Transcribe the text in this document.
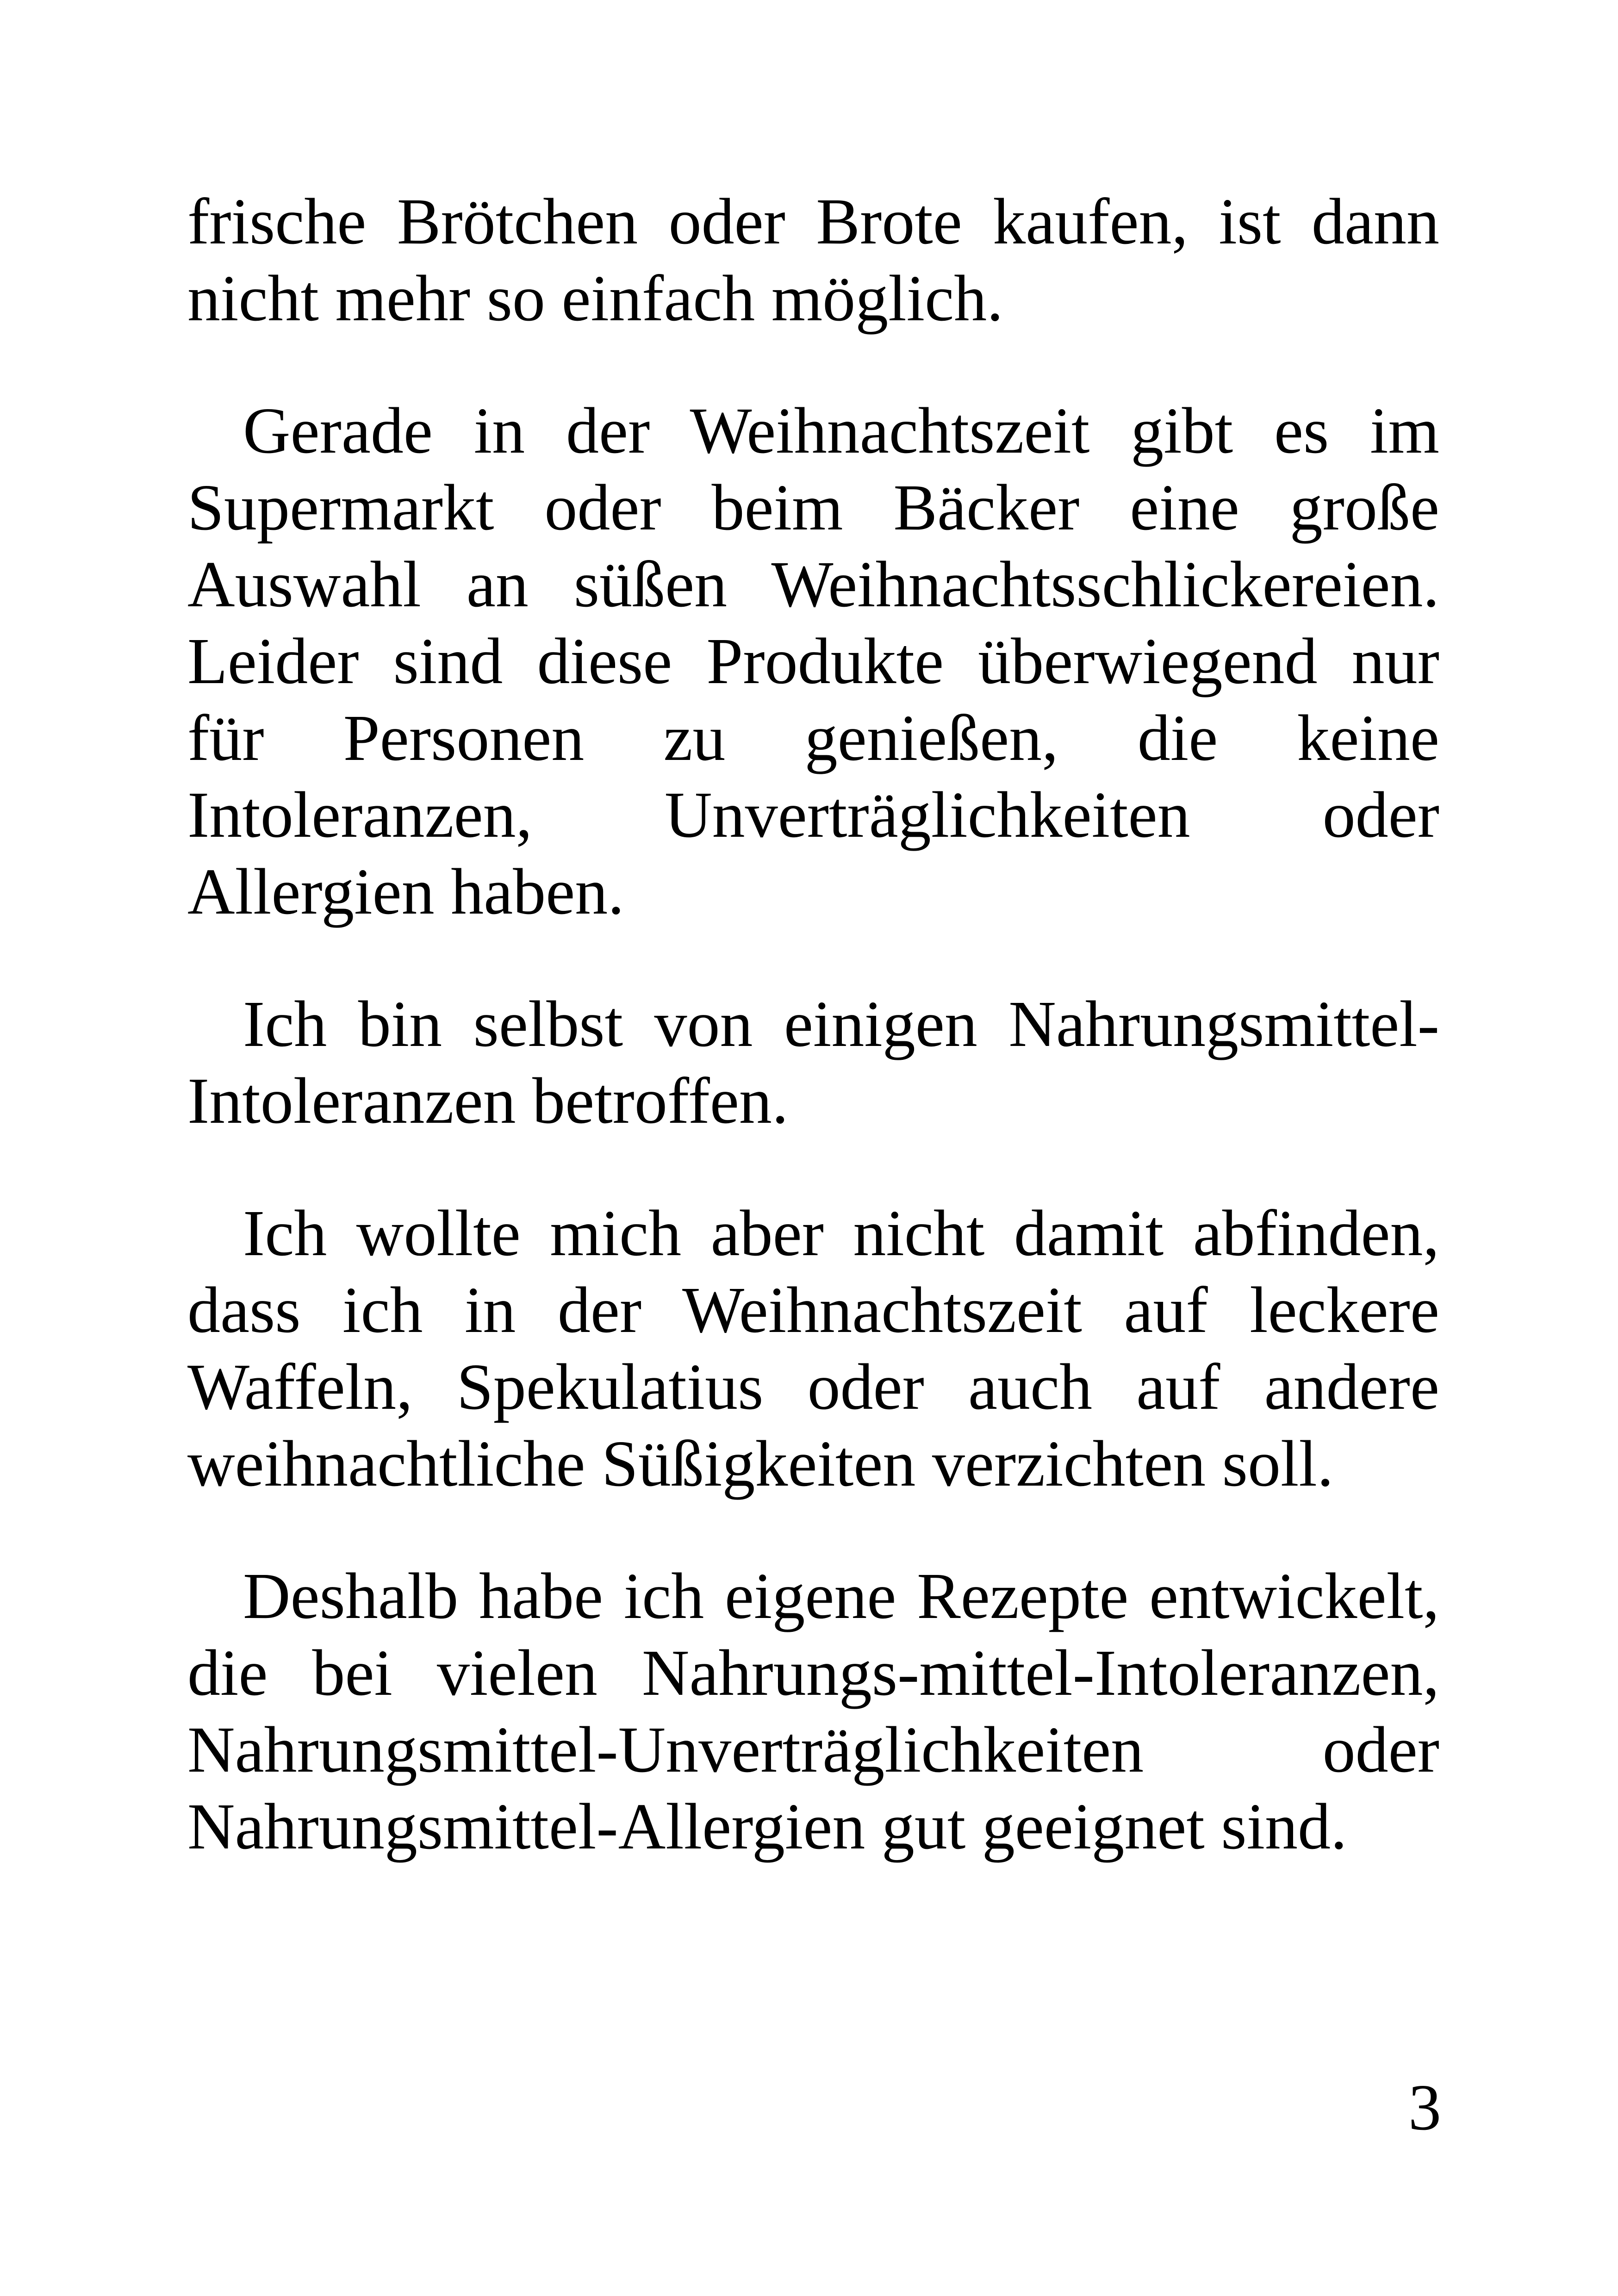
frische Brötchen oder Brote kaufen, ist dann nicht mehr so einfach möglich.

Gerade in der Weihnachtszeit gibt es im Supermarkt oder beim Bäcker eine große Auswahl an süßen Weihnachtsschlickereien. Leider sind diese Produkte überwiegend nur für Personen zu genießen, die keine Intoleranzen, Unverträglichkeiten oder Allergien haben.

Ich bin selbst von einigen Nahrungsmittel-Intoleranzen betroffen.

Ich wollte mich aber nicht damit abfinden, dass ich in der Weihnachtszeit auf leckere Waffeln, Spekulatius oder auch auf andere weihnachtliche Süßigkeiten verzichten soll.

Deshalb habe ich eigene Rezepte entwickelt, die bei vielen Nahrungs-mittel-Intoleranzen, Nahrungsmittel-Unverträglichkeiten oder Nahrungsmittel-Allergien gut geeignet sind.

3
